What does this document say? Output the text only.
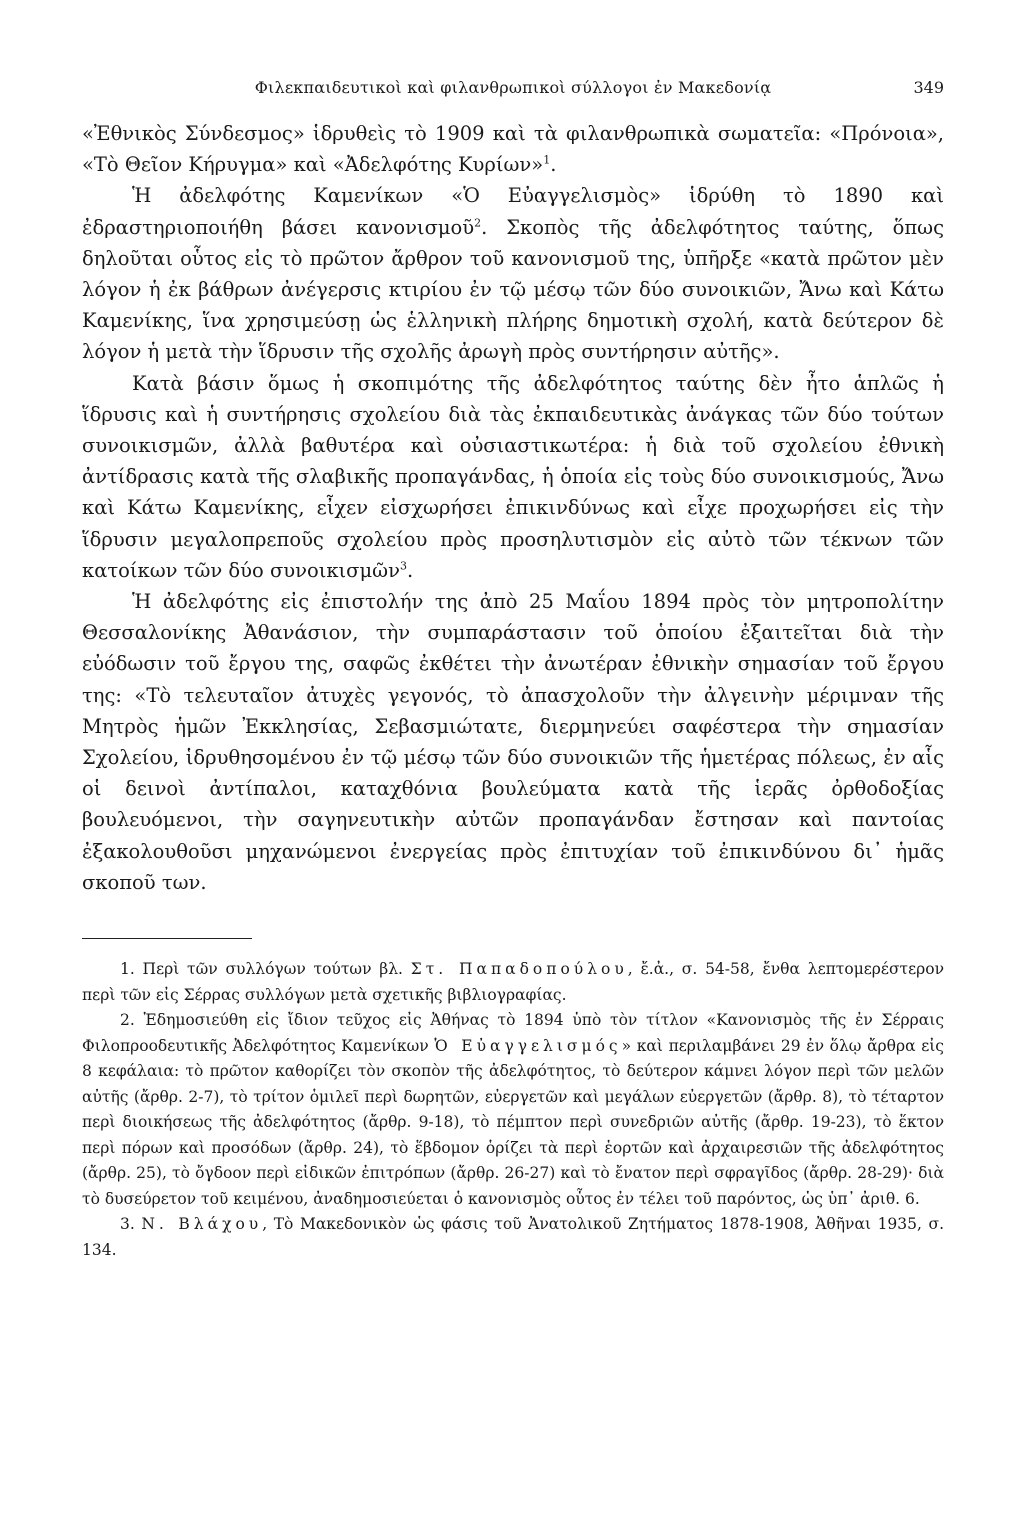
Φιλεκπαιδευτικοὶ καὶ φιλανθρωπικοὶ σύλλογοι ἐν Μακεδονίᾳ	349

«Ἐθνικὸς Σύνδεσμος» ἱδρυθεὶς τὸ 1909 καὶ τὰ φιλανθρωπικὰ σωματεῖα: «Πρόνοια», «Τὸ Θεῖον Κήρυγμα» καὶ «Ἀδελφότης Κυρίων»$^1$.

Ἡ ἀδελφότης Καμενίκων «Ὁ Εὐαγγελισμὸς» ἱδρύθη τὸ 1890 καὶ ἐδραστηριοποιήθη βάσει κανονισμοῦ$^2$. Σκοπὸς τῆς ἀδελφότητος ταύτης, ὅπως δηλοῦται οὗτος εἰς τὸ πρῶτον ἄρθρον τοῦ κανονισμοῦ της, ὑπῆρξε «κατὰ πρῶτον μὲν λόγον ἡ ἐκ βάθρων ἀνέγερσις κτιρίου ἐν τῷ μέσῳ τῶν δύο συνοικιῶν, Ἄνω καὶ Κάτω Καμενίκης, ἵνα χρησιμεύσῃ ὡς ἑλληνικὴ πλήρης δημοτικὴ σχολή, κατὰ δεύτερον δὲ λόγον ἡ μετὰ τὴν ἵδρυσιν τῆς σχολῆς ἀρωγὴ πρὸς συντήρησιν αὐτῆς».

Κατὰ βάσιν ὅμως ἡ σκοπιμότης τῆς ἀδελφότητος ταύτης δὲν ἦτο ἁπλῶς ἡ ἵδρυσις καὶ ἡ συντήρησις σχολείου διὰ τὰς ἐκπαιδευτικὰς ἀνάγκας τῶν δύο τούτων συνοικισμῶν, ἀλλὰ βαθυτέρα καὶ οὐσιαστικωτέρα: ἡ διὰ τοῦ σχολείου ἐθνικὴ ἀντίδρασις κατὰ τῆς σλαβικῆς προπαγάνδας, ἡ ὁποία εἰς τοὺς δύο συνοικισμούς, Ἄνω καὶ Κάτω Καμενίκης, εἶχεν εἰσχωρήσει ἐπικινδύνως καὶ εἶχε προχωρήσει εἰς τὴν ἵδρυσιν μεγαλοπρεποῦς σχολείου πρὸς προσηλυτισμὸν εἰς αὐτὸ τῶν τέκνων τῶν κατοίκων τῶν δύο συνοικισμῶν$^3$.

Ἡ ἀδελφότης εἰς ἐπιστολήν της ἀπὸ 25 Μαΐου 1894 πρὸς τὸν μητροπολίτην Θεσσαλονίκης Ἀθανάσιον, τὴν συμπαράστασιν τοῦ ὁποίου ἐξαιτεῖται διὰ τὴν εὐόδωσιν τοῦ ἔργου της, σαφῶς ἐκθέτει τὴν ἀνωτέραν ἐθνικὴν σημασίαν τοῦ ἔργου της: «Τὸ τελευταῖον ἀτυχὲς γεγονός, τὸ ἀπασχολοῦν τὴν ἀλγεινὴν μέριμναν τῆς Μητρὸς ἡμῶν Ἐκκλησίας, Σεβασμιώτατε, διερμηνεύει σαφέστερα τὴν σημασίαν Σχολείου, ἱδρυθησομένου ἐν τῷ μέσῳ τῶν δύο συνοικιῶν τῆς ἡμετέρας πόλεως, ἐν αἷς οἱ δεινοὶ ἀντίπαλοι, καταχθόνια βουλεύματα κατὰ τῆς ἱερᾶς ὀρθοδοξίας βουλευόμενοι, τὴν σαγηνευτικὴν αὐτῶν προπαγάνδαν ἔστησαν καὶ παντοίας ἐξακολουθοῦσι μηχανώμενοι ἐνεργείας πρὸς ἐπιτυχίαν τοῦ ἐπικινδύνου δι᾿ ἡμᾶς σκοποῦ των.

1. Περὶ τῶν συλλόγων τούτων βλ. Στ. Παπαδοπούλου, ἔ.ἀ., σ. 54-58, ἔνθα λεπτομερέστερον περὶ τῶν εἰς Σέρρας συλλόγων μετὰ σχετικῆς βιβλιογραφίας.

2. Ἐδημοσιεύθη εἰς ἴδιον τεῦχος εἰς Ἀθήνας τὸ 1894 ὑπὸ τὸν τίτλον «Κανονισμὸς τῆς ἐν Σέρραις Φιλοπροοδευτικῆς Ἀδελφότητος Καμενίκων Ὁ Εὐαγγελισμός» καὶ περιλαμβάνει 29 ἐν ὅλῳ ἄρθρα εἰς 8 κεφάλαια: τὸ πρῶτον καθορίζει τὸν σκοπὸν τῆς ἀδελφότητος, τὸ δεύτερον κάμνει λόγον περὶ τῶν μελῶν αὐτῆς (ἄρθρ. 2-7), τὸ τρίτον ὁμιλεῖ περὶ δωρητῶν, εὐεργετῶν καὶ μεγάλων εὐεργετῶν (ἄρθρ. 8), τὸ τέταρτον περὶ διοικήσεως τῆς ἀδελφότητος (ἄρθρ. 9-18), τὸ πέμπτον περὶ συνεδριῶν αὐτῆς (ἄρθρ. 19-23), τὸ ἕκτον περὶ πόρων καὶ προσόδων (ἄρθρ. 24), τὸ ἕβδομον ὁρίζει τὰ περὶ ἑορτῶν καὶ ἀρχαιρεσιῶν τῆς ἀδελφότητος (ἄρθρ. 25), τὸ ὄγδοον περὶ εἰδικῶν ἐπιτρόπων (ἄρθρ. 26-27) καὶ τὸ ἔνατον περὶ σφραγῖδος (ἄρθρ. 28-29)· διὰ τὸ δυσεύρετον τοῦ κειμένου, ἀναδημοσιεύεται ὁ κανονισμὸς οὗτος ἐν τέλει τοῦ παρόντος, ὡς ὑπ᾿ ἀριθ. 6.

3. Ν. Βλάχου, Τὸ Μακεδονικὸν ὡς φάσις τοῦ Ἀνατολικοῦ Ζητήματος 1878-1908, Ἀθῆναι 1935, σ. 134.
